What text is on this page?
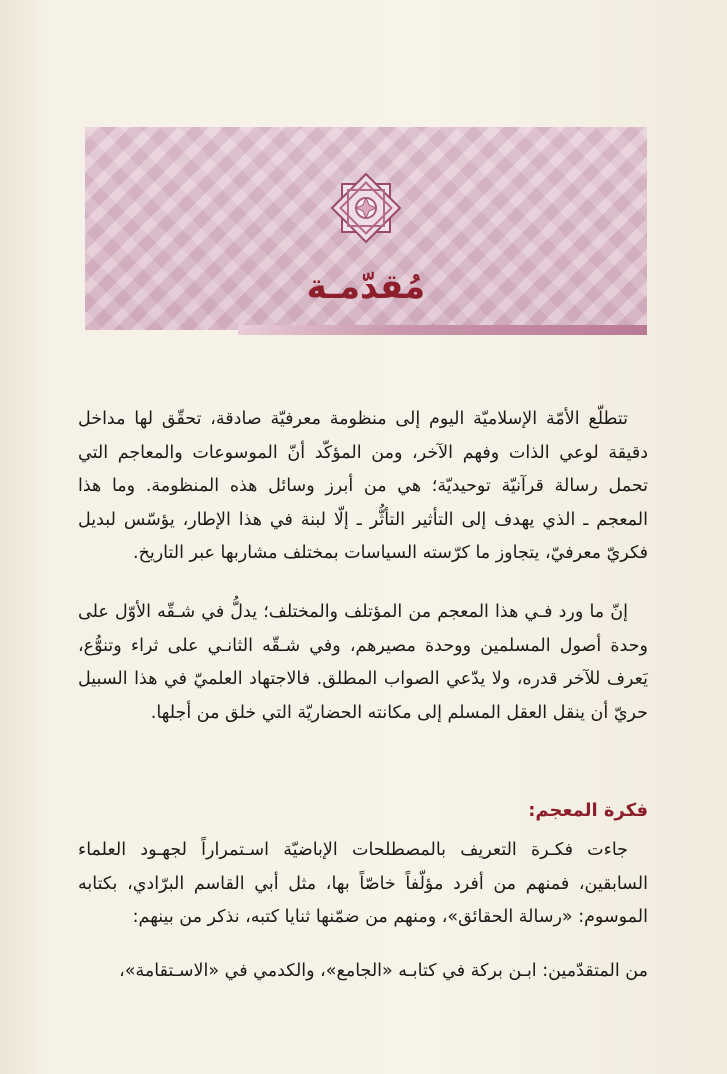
مُقدّمـة

تتطلّع الأمّة الإسلاميّة اليوم إلى منظومة معرفيّة صادقة، تحقّق لها مداخل دقيقة لوعي الذات وفهم الآخر، ومن المؤكّد أنّ الموسوعات والمعاجم التي تحمل رسالة قرآنيّة توحيديّة؛ هي من أبرز وسائل هذه المنظومة. وما هذا المعجم ـ الذي يهدف إلى التأثير التأثُّر ـ إلّا لبنة في هذا الإطار، يؤسّس لبديل فكريّ معرفيّ، يتجاوز ما كرّسته السياسات بمختلف مشاربها عبر التاريخ.

إنّ ما ورد فـي هذا المعجم من المؤتلف والمختلف؛ يدلُّ في شـقّه الأوّل على وحدة أصول المسلمين ووحدة مصيرهم، وفي شـقّه الثانـي على ثراء وتنوُّع، يَعرف للآخر قدره، ولا يدّعي الصواب المطلق. فالاجتهاد العلميّ في هذا السبيل حريّ أن ينقل العقل المسلم إلى مكانته الحضاريّة التي خلق من أجلها.

فكرة المعجم:

جاءت فكـرة التعريف بالمصطلحات الإباضيّة اسـتمراراً لجهـود العلماء السابقين، فمنهم من أفرد مؤلّفاً خاصّاً بها، مثل أبي القاسم البرّادي، بكتابه الموسوم: «رسالة الحقائق»، ومنهم من ضمّنها ثنايا كتبه، نذكر من بينهم:

من المتقدّمين: ابـن بركة في كتابـه «الجامع»، والكدمي في «الاسـتقامة»،
